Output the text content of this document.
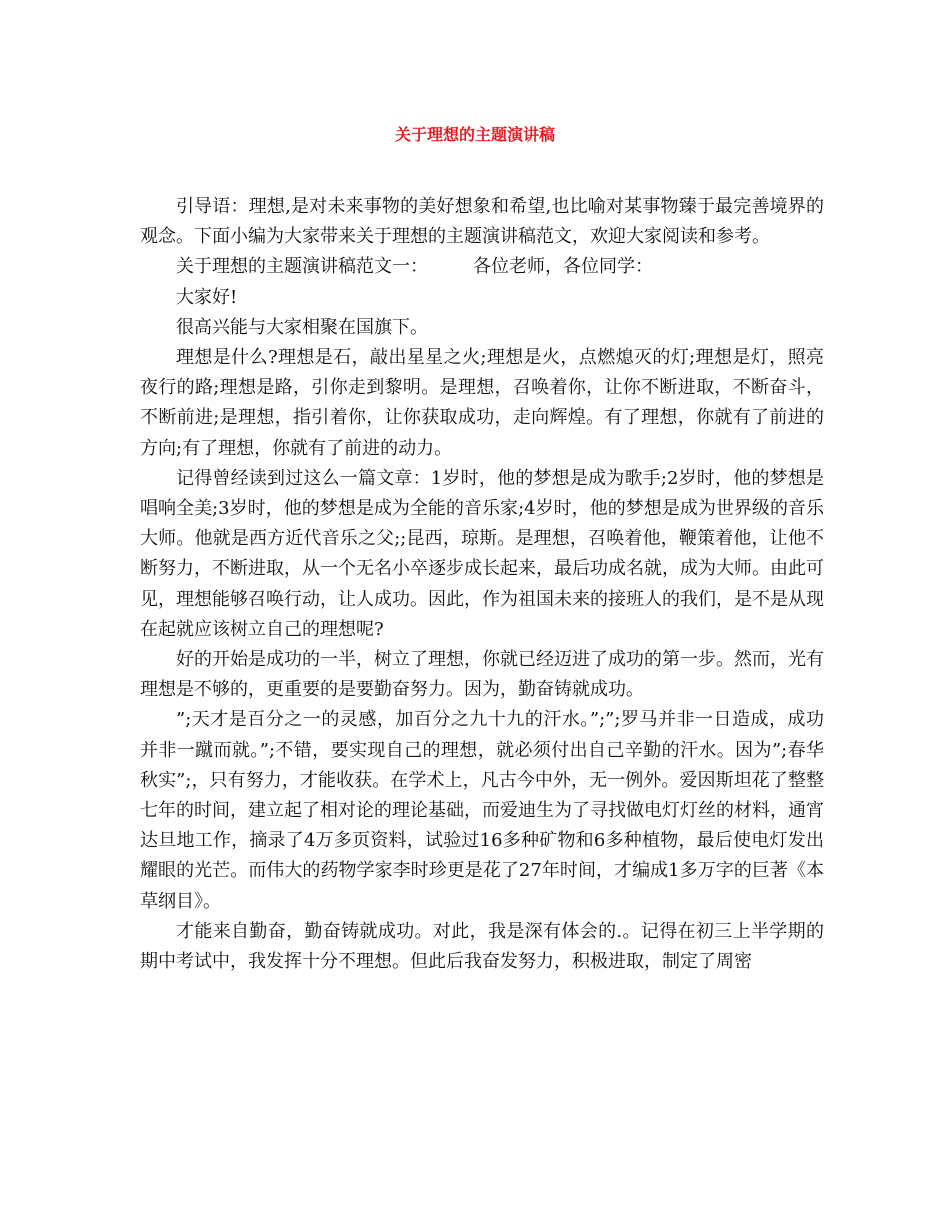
关于理想的主题演讲稿

引导语：理想,是对未来事物的美好想象和希望,也比喻对某事物臻于最完善境界的观念。下面小编为大家带来关于理想的主题演讲稿范文，欢迎大家阅读和参考。

关于理想的主题演讲稿范文一：　　　各位老师，各位同学：

大家好!

很高兴能与大家相聚在国旗下。

理想是什么?理想是石，敲出星星之火;理想是火，点燃熄灭的灯;理想是灯，照亮夜行的路;理想是路，引你走到黎明。是理想，召唤着你，让你不断进取，不断奋斗，不断前进;是理想，指引着你，让你获取成功，走向辉煌。有了理想，你就有了前进的方向;有了理想，你就有了前进的动力。

记得曾经读到过这么一篇文章：1岁时，他的梦想是成为歌手;2岁时，他的梦想是唱响全美;3岁时，他的梦想是成为全能的音乐家;4岁时，他的梦想是成为世界级的音乐大师。他就是西方近代音乐之父;;昆西，琼斯。是理想，召唤着他，鞭策着他，让他不断努力，不断进取，从一个无名小卒逐步成长起来，最后功成名就，成为大师。由此可见，理想能够召唤行动，让人成功。因此，作为祖国未来的接班人的我们，是不是从现在起就应该树立自己的理想呢?

好的开始是成功的一半，树立了理想，你就已经迈进了成功的第一步。然而，光有理想是不够的，更重要的是要勤奋努力。因为，勤奋铸就成功。

”;天才是百分之一的灵感，加百分之九十九的汗水。”;”;罗马并非一日造成，成功并非一蹴而就。”;不错，要实现自己的理想，就必须付出自己辛勤的汗水。因为”;春华秋实”;，只有努力，才能收获。在学术上，凡古今中外，无一例外。爱因斯坦花了整整七年的时间，建立起了相对论的理论基础，而爱迪生为了寻找做电灯灯丝的材料，通宵达旦地工作，摘录了4万多页资料，试验过16多种矿物和6多种植物，最后使电灯发出耀眼的光芒。而伟大的药物学家李时珍更是花了27年时间，才编成1多万字的巨著《本草纲目》。

才能来自勤奋，勤奋铸就成功。对此，我是深有体会的.。记得在初三上半学期的期中考试中，我发挥十分不理想。但此后我奋发努力，积极进取，制定了周密
